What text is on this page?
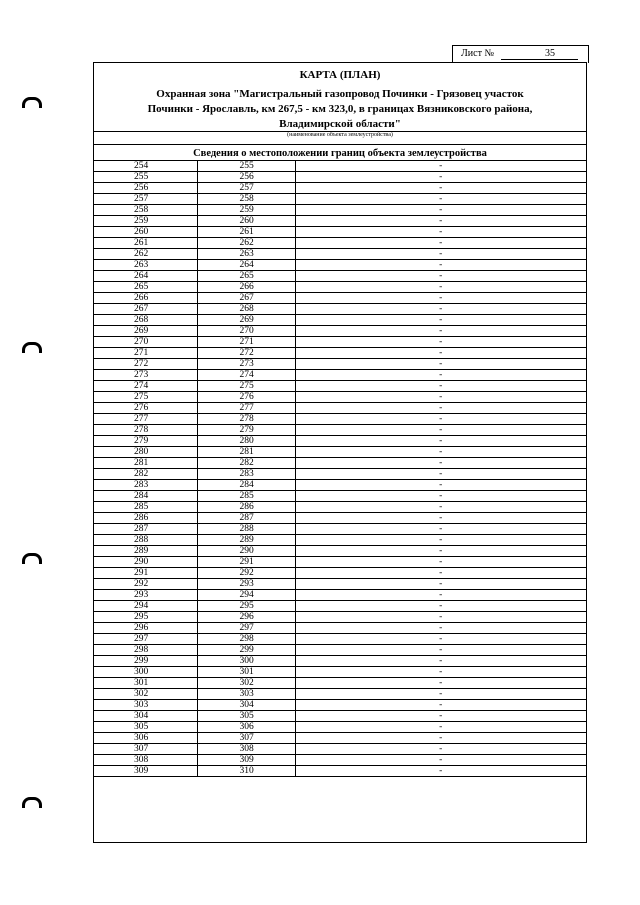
Лист №	35
КАРТА (ПЛАН)
Охранная зона "Магистральный газопровод Починки - Грязовец участок
Починки - Ярославль, км 267,5 - км 323,0, в границах Вязниковского района,
Владимирской области"
(наименование объекта землеустройства)
Сведения о местоположении границ объекта землеустройства
254	255	-
255	256	-
256	257	-
257	258	-
258	259	-
259	260	-
260	261	-
261	262	-
262	263	-
263	264	-
264	265	-
265	266	-
266	267	-
267	268	-
268	269	-
269	270	-
270	271	-
271	272	-
272	273	-
273	274	-
274	275	-
275	276	-
276	277	-
277	278	-
278	279	-
279	280	-
280	281	-
281	282	-
282	283	-
283	284	-
284	285	-
285	286	-
286	287	-
287	288	-
288	289	-
289	290	-
290	291	-
291	292	-
292	293	-
293	294	-
294	295	-
295	296	-
296	297	-
297	298	-
298	299	-
299	300	-
300	301	-
301	302	-
302	303	-
303	304	-
304	305	-
305	306	-
306	307	-
307	308	-
308	309	-
309	310	-
